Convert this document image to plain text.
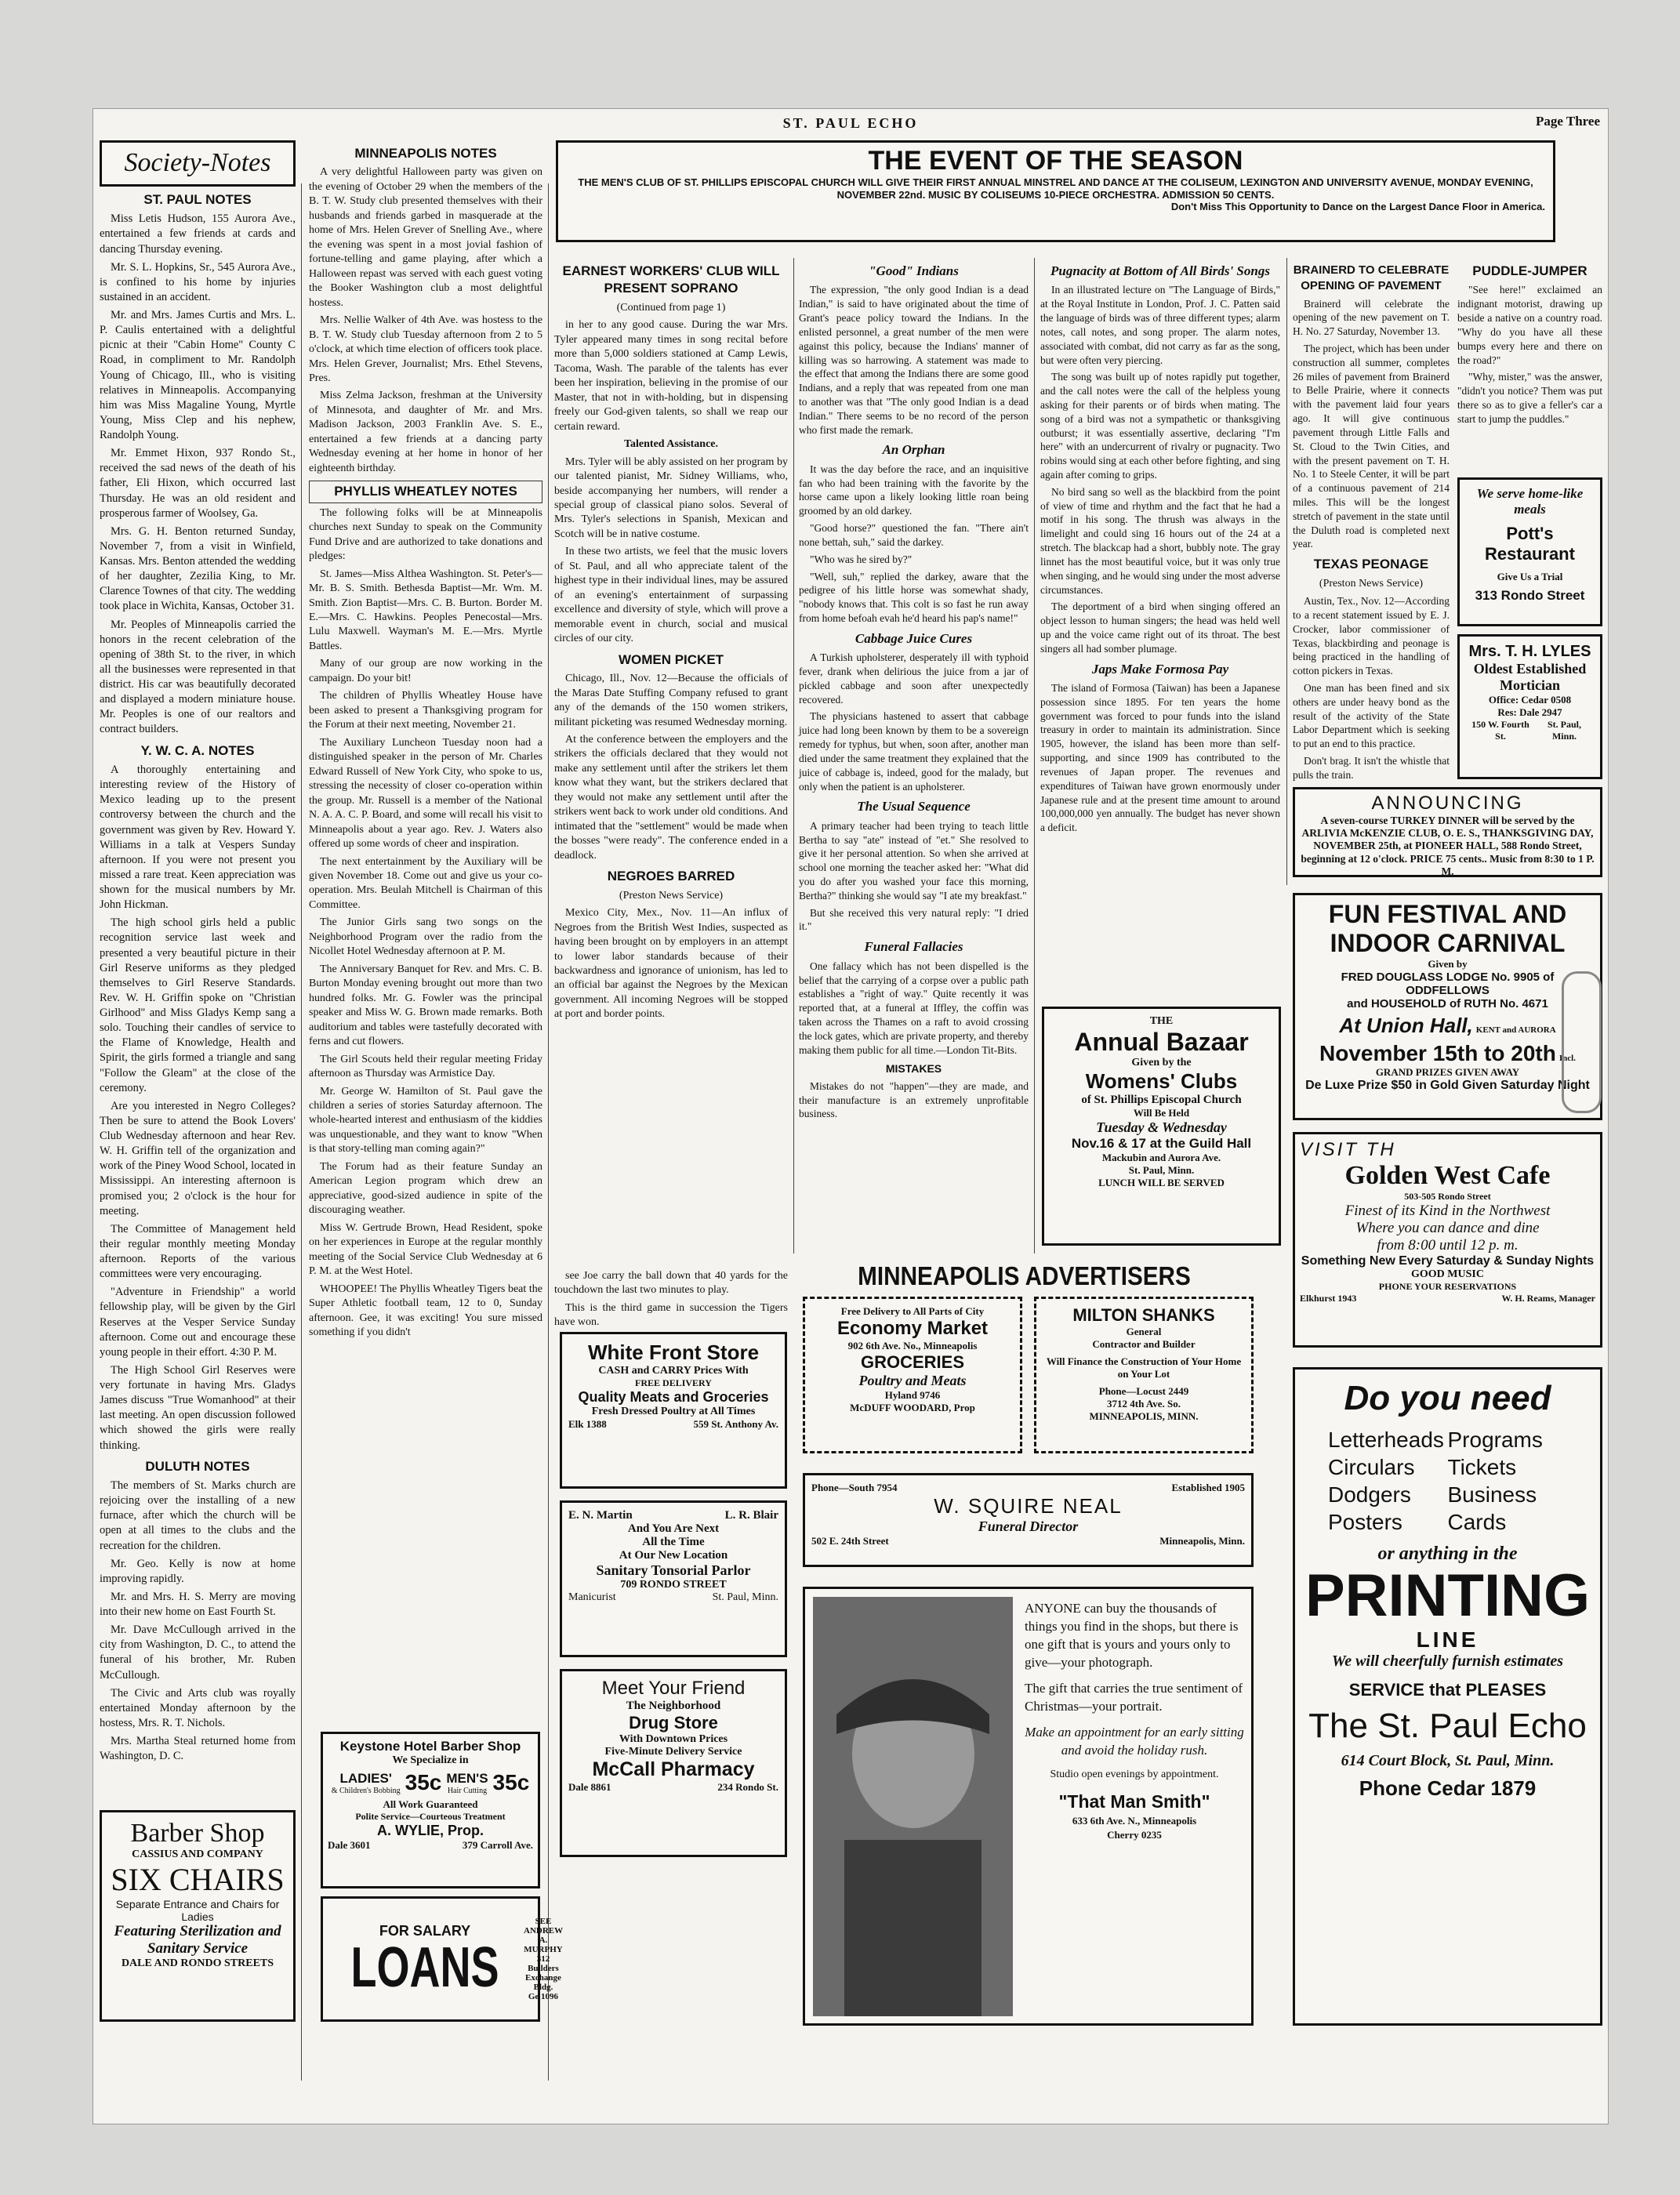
ST. PAUL ECHO	Page Three
THE EVENT OF THE SEASON
THE MEN'S CLUB OF ST. PHILLIPS EPISCOPAL CHURCH WILL GIVE THEIR FIRST ANNUAL MINSTREL AND DANCE AT THE COLISEUM, LEXINGTON AND UNIVERSITY AVENUE, MONDAY EVENING, NOVEMBER 22nd. MUSIC BY COLISEUMS 10-PIECE ORCHESTRA. ADMISSION 50 CENTS.
Don't Miss This Opportunity to Dance on the Largest Dance Floor in America.
Society-Notes
ST. PAUL NOTES

Miss Letis Hudson, 155 Aurora Ave., entertained a few friends at cards and dancing Thursday evening.

Mr. S. L. Hopkins, Sr., 545 Aurora Ave., is confined to his home by injuries sustained in an accident.

Mr. and Mrs. James Curtis and Mrs. L. P. Caulis entertained with a delightful picnic at their "Cabin Home" County C Road, in compliment to Mr. Randolph Young of Chicago, Ill., who is visiting relatives in Minneapolis. Accompanying him was Miss Magaline Young, Myrtle Young, Miss Clep and his nephew, Randolph Young.

Mr. Emmet Hixon, 937 Rondo St., received the sad news of the death of his father, Eli Hixon, which occurred last Thursday. He was an old resident and prosperous farmer of Woolsey, Ga.

Mrs. G. H. Benton returned Sunday, November 7, from a visit in Winfield, Kansas. Mrs. Benton attended the wedding of her daughter, Zezilia King, to Mr. Clarence Townes of that city. The wedding took place in Wichita, Kansas, October 31.

Mr. Peoples of Minneapolis carried the honors in the recent celebration of the opening of 38th St. to the river, in which all the businesses were represented in that district. His car was beautifully decorated and displayed a modern miniature house. Mr. Peoples is one of our realtors and contract builders.

Y. W. C. A. NOTES

A thoroughly entertaining and interesting review of the History of Mexico leading up to the present controversy between the church and the government was given by Rev. Howard Y. Williams in a talk at Vespers Sunday afternoon. If you were not present you missed a rare treat. Keen appreciation was shown for the musical numbers by Mr. John Hickman.

The high school girls held a public recognition service last week and presented a very beautiful picture in their Girl Reserve uniforms as they pledged themselves to Girl Reserve Standards. Rev. W. H. Griffin spoke on "Christian Girlhood" and Miss Gladys Kemp sang a solo. Touching their candles of service to the Flame of Knowledge, Health and Spirit, the girls formed a triangle and sang "Follow the Gleam" at the close of the ceremony.

Are you interested in Negro Colleges? Then be sure to attend the Book Lovers' Club Wednesday afternoon and hear Rev. W. H. Griffin tell of the organization and work of the Piney Wood School, located in Mississippi. An interesting afternoon is promised you; 2 o'clock is the hour for meeting.

The Committee of Management held their regular monthly meeting Monday afternoon. Reports of the various committees were very encouraging.

"Adventure in Friendship" a world fellowship play, will be given by the Girl Reserves at the Vesper Service Sunday afternoon. Come out and encourage these young people in their effort. 4:30 P. M.

The High School Girl Reserves were very fortunate in having Mrs. Gladys James discuss "True Womanhood" at their last meeting. An open discussion followed which showed the girls were really thinking.

DULUTH NOTES

The members of St. Marks church are rejoicing over the installing of a new furnace, after which the church will be open at all times to the clubs and the recreation for the children.

Mr. Geo. Kelly is now at home improving rapidly.

Mr. and Mrs. H. S. Merry are moving into their new home on East Fourth St.

Mr. Dave McCullough arrived in the city from Washington, D. C., to attend the funeral of his brother, Mr. Ruben McCullough.

The Civic and Arts club was royally entertained Monday afternoon by the hostess, Mrs. R. T. Nichols.

Mrs. Martha Steal returned home from Washington, D. C.

Barber Shop
CASSIUS AND COMPANY
SIX CHAIRS
Separate Entrance and Chairs for Ladies
Featuring Sterilization and Sanitary Service
DALE AND RONDO STREETS
MINNEAPOLIS NOTES

A very delightful Halloween party was given on the evening of October 29 when the members of the B. T. W. Study club presented themselves with their husbands and friends garbed in masquerade at the home of Mrs. Helen Grever of Snelling Ave., where the evening was spent in a most jovial fashion of fortune-telling and game playing, after which a Halloween repast was served with each guest voting the Booker Washington club a most delightful hostess.

Mrs. Nellie Walker of 4th Ave. was hostess to the B. T. W. Study club Tuesday afternoon from 2 to 5 o'clock, at which time election of officers took place. Mrs. Helen Grever, Journalist; Mrs. Ethel Stevens, Pres.

Miss Zelma Jackson, freshman at the University of Minnesota, and daughter of Mr. and Mrs. Madison Jackson, 2003 Franklin Ave. S. E., entertained a few friends at a dancing party Wednesday evening at her home in honor of her eighteenth birthday.

PHYLLIS WHEATLEY NOTES

The following folks will be at Minneapolis churches next Sunday to speak on the Community Fund Drive and are authorized to take donations and pledges:

St. James—Miss Althea Washington. St. Peter's—Mr. B. S. Smith. Bethesda Baptist—Mr. Wm. M. Smith. Zion Baptist—Mrs. C. B. Burton. Border M. E.—Mrs. C. Hawkins. Peoples Penecostal—Mrs. Lulu Maxwell. Wayman's M. E.—Mrs. Myrtle Battles.

Many of our group are now working in the campaign. Do your bit!

The children of Phyllis Wheatley House have been asked to present a Thanksgiving program for the Forum at their next meeting, November 21.

The Auxiliary Luncheon Tuesday noon had a distinguished speaker in the person of Mr. Charles Edward Russell of New York City, who spoke to us, stressing the necessity of closer co-operation within the group. Mr. Russell is a member of the National N. A. A. C. P. Board, and some will recall his visit to Minneapolis about a year ago. Rev. J. Waters also offered up some words of cheer and inspiration.

The next entertainment by the Auxiliary will be given November 18. Come out and give us your co-operation. Mrs. Beulah Mitchell is Chairman of this Committee.

The Junior Girls sang two songs on the Neighborhood Program over the radio from the Nicollet Hotel Wednesday afternoon at P. M.

The Anniversary Banquet for Rev. and Mrs. C. B. Burton Monday evening brought out more than two hundred folks. Mr. G. Fowler was the principal speaker and Miss W. G. Brown made remarks. Both auditorium and tables were tastefully decorated with ferns and cut flowers.

The Girl Scouts held their regular meeting Friday afternoon as Thursday was Armistice Day.

Mr. George W. Hamilton of St. Paul gave the children a series of stories Saturday afternoon. The whole-hearted interest and enthusiasm of the kiddies was unquestionable, and they want to know "When is that story-telling man coming again?"

The Forum had as their feature Sunday an American Legion program which drew an appreciative, good-sized audience in spite of the discouraging weather.

Miss W. Gertrude Brown, Head Resident, spoke on her experiences in Europe at the regular monthly meeting of the Social Service Club Wednesday at 6 P. M. at the West Hotel.

WHOOPEE! The Phyllis Wheatley Tigers beat the Super Athletic football team, 12 to 0, Sunday afternoon. Gee, it was exciting! You sure missed something if you didn't

Keystone Hotel Barber Shop
We Specialize in
LADIES'
& Children's Bobbing 35c MEN'S
Hair Cutting 35c
All Work Guaranteed
Polite Service—Courteous Treatment
A. WYLIE, Prop.
Dale 3601	379 Carroll Ave.
FOR SALARY
LOANS
SEE
ANDREW A. MURPHY
312 Builders Exchange Bldg.
Ge 1096
EARNEST WORKERS' CLUB WILL PRESENT SOPRANO
(Continued from page 1)

in her to any good cause. During the war Mrs. Tyler appeared many times in song recital before more than 5,000 soldiers stationed at Camp Lewis, Tacoma, Wash. The parable of the talents has ever been her inspiration, believing in the promise of our Master, that not in with-holding, but in dispensing freely our God-given talents, so shall we reap our certain reward.

Talented Assistance.

Mrs. Tyler will be ably assisted on her program by our talented pianist, Mr. Sidney Williams, who, beside accompanying her numbers, will render a special group of classical piano solos. Several of Mrs. Tyler's selections in Spanish, Mexican and Scotch will be in native costume.

In these two artists, we feel that the music lovers of St. Paul, and all who appreciate talent of the highest type in their individual lines, may be assured of an evening's entertainment of surpassing excellence and diversity of style, which will prove a memorable event in church, social and musical circles of our city.

WOMEN PICKET

Chicago, Ill., Nov. 12—Because the officials of the Maras Date Stuffing Company refused to grant any of the demands of the 150 women strikers, militant picketing was resumed Wednesday morning.

At the conference between the employers and the strikers the officials declared that they would not make any settlement until after the strikers let them know what they want, but the strikers declared that they would not make any settlement until after the strikers went back to work under old conditions. And intimated that the "settlement" would be made when the bosses "were ready". The conference ended in a deadlock.

NEGROES BARRED
(Preston News Service)

Mexico City, Mex., Nov. 11—An influx of Negroes from the British West Indies, suspected as having been brought on by employers in an attempt to lower labor standards because of their backwardness and ignorance of unionism, has led to an official bar against the Negroes by the Mexican government. All incoming Negroes will be stopped at port and border points.

see Joe carry the ball down that 40 yards for the touchdown the last two minutes to play.

This is the third game in succession the Tigers have won.

White Front Store
CASH and CARRY Prices With
FREE DELIVERY
Quality Meats and Groceries
Fresh Dressed Poultry at All Times
Elk 1388	559 St. Anthony Av.
E. N. Martin	L. R. Blair
And You Are Next
All the Time
At Our New Location
Sanitary Tonsorial Parlor
709 RONDO STREET
Manicurist	St. Paul, Minn.
Meet Your Friend
The Neighborhood
Drug Store
With Downtown Prices
Five-Minute Delivery Service
McCall Pharmacy
Dale 8861	234 Rondo St.
"Good" Indians

The expression, "the only good Indian is a dead Indian," is said to have originated about the time of Grant's peace policy toward the Indians. In the enlisted personnel, a great number of the men were against this policy, because the Indians' manner of killing was so harrowing. A statement was made to the effect that among the Indians there are some good Indians, and a reply that was repeated from one man to another was that "The only good Indian is a dead Indian." There seems to be no record of the person who first made the remark.

An Orphan

It was the day before the race, and an inquisitive fan who had been training with the favorite by the horse came upon a likely looking little roan being groomed by an old darkey.

"Good horse?" questioned the fan. "There ain't none bettah, suh," said the darkey.

"Who was he sired by?"

"Well, suh," replied the darkey, aware that the pedigree of his little horse was somewhat shady, "nobody knows that. This colt is so fast he run away from home befoah evah he'd heard his pap's name!"

Cabbage Juice Cures

A Turkish upholsterer, desperately ill with typhoid fever, drank when delirious the juice from a jar of pickled cabbage and soon after unexpectedly recovered.

The physicians hastened to assert that cabbage juice had long been known by them to be a sovereign remedy for typhus, but when, soon after, another man died under the same treatment they explained that the juice of cabbage is, indeed, good for the malady, but only when the patient is an upholsterer.

The Usual Sequence

A primary teacher had been trying to teach little Bertha to say "ate" instead of "et." She resolved to give it her personal attention. So when she arrived at school one morning the teacher asked her: "What did you do after you washed your face this morning, Bertha?" thinking she would say "I ate my breakfast."

But she received this very natural reply: "I dried it."

Funeral Fallacies

One fallacy which has not been dispelled is the belief that the carrying of a corpse over a public path establishes a "right of way." Quite recently it was reported that, at a funeral at Iffley, the coffin was taken across the Thames on a raft to avoid crossing the lock gates, which are private property, and thereby making them public for all time.—London Tit-Bits.

MISTAKES

Mistakes do not "happen"—they are made, and their manufacture is an extremely unprofitable business.

Pugnacity at Bottom of All Birds' Songs

In an illustrated lecture on "The Language of Birds," at the Royal Institute in London, Prof. J. C. Patten said the language of birds was of three different types; alarm notes, call notes, and song proper. The alarm notes, associated with combat, did not carry as far as the song, but were often very piercing.

The song was built up of notes rapidly put together, and the call notes were the call of the helpless young asking for their parents or of birds when mating. The song of a bird was not a sympathetic or thanksgiving outburst; it was essentially assertive, declaring "I'm here" with an undercurrent of rivalry or pugnacity. Two robins would sing at each other before fighting, and sing again after coming to grips.

No bird sang so well as the blackbird from the point of view of time and rhythm and the fact that he had a motif in his song. The thrush was always in the limelight and could sing 16 hours out of the 24 at a stretch. The blackcap had a short, bubbly note. The gray linnet has the most beautiful voice, but it was only true when singing, and he would sing under the most adverse circumstances.

The deportment of a bird when singing offered an object lesson to human singers; the head was held well up and the voice came right out of its throat. The best singers all had somber plumage.

Japs Make Formosa Pay

The island of Formosa (Taiwan) has been a Japanese possession since 1895. For ten years the home government was forced to pour funds into the island treasury in order to maintain its administration. Since 1905, however, the island has been more than self-supporting, and since 1909 has contributed to the revenues of Japan proper. The revenues and expenditures of Taiwan have grown enormously under Japanese rule and at the present time amount to around 100,000,000 yen annually. The budget has never shown a deficit.

THE
Annual Bazaar
Given by the
Womens' Clubs
of St. Phillips Episcopal Church
Will Be Held
Tuesday & Wednesday
Nov.16 & 17 at the Guild Hall
Mackubin and Aurora Ave.
St. Paul, Minn.
LUNCH WILL BE SERVED
MINNEAPOLIS ADVERTISERS
Free Delivery to All Parts of City
Economy Market
902 6th Ave. No., Minneapolis
GROCERIES
Poultry and Meats
Hyland 9746
McDUFF WOODARD, Prop
MILTON SHANKS
General
Contractor and Builder
Will Finance the Construction of Your Home on Your Lot
Phone—Locust 2449
3712 4th Ave. So.
MINNEAPOLIS, MINN.
Phone—South 7954	Established 1905
W. SQUIRE NEAL
Funeral Director
502 E. 24th Street	Minneapolis, Minn.

ANYONE can buy the thousands of things you find in the shops, but there is one gift that is yours and yours only to give—your photograph.

The gift that carries the true sentiment of Christmas—your portrait.

Make an appointment for an early sitting and avoid the holiday rush.

Studio open evenings by appointment.

"That Man Smith"
633 6th Ave. N., Minneapolis
Cherry 0235
BRAINERD TO CELEBRATE OPENING OF PAVEMENT

Brainerd will celebrate the opening of the new pavement on T. H. No. 27 Saturday, November 13.

The project, which has been under construction all summer, completes 26 miles of pavement from Brainerd to Belle Prairie, where it connects with the pavement laid four years ago. It will give continuous pavement through Little Falls and St. Cloud to the Twin Cities, and with the present pavement on T. H. No. 1 to Steele Center, it will be part of a continuous pavement of 214 miles. This will be the longest stretch of pavement in the state until the Duluth road is completed next year.

TEXAS PEONAGE
(Preston News Service)

Austin, Tex., Nov. 12—According to a recent statement issued by E. J. Crocker, labor commissioner of Texas, blackbirding and peonage is being practiced in the handling of cotton pickers in Texas.

One man has been fined and six others are under heavy bond as the result of the activity of the State Labor Department which is seeking to put an end to this practice.

Don't brag. It isn't the whistle that pulls the train.

PUDDLE-JUMPER

"See here!" exclaimed an indignant motorist, drawing up beside a native on a country road. "Why do you have all these bumps every here and there on the road?"

"Why, mister," was the answer, "didn't you notice? Them was put there so as to give a feller's car a start to jump the puddles."

We serve home-like meals
Pott's Restaurant
Give Us a Trial
313 Rondo Street
Mrs. T. H. LYLES
Oldest Established
Mortician
Office: Cedar 0508
Res: Dale 2947
150 W. Fourth St.
St. Paul, Minn.
ANNOUNCING
A seven-course TURKEY DINNER will be served by the ARLIVIA McKENZIE CLUB, O. E. S., THANKSGIVING DAY, NOVEMBER 25th, at PIONEER HALL, 588 Rondo Street, beginning at 12 o'clock. PRICE 75 cents.. Music from 8:30 to 1 P. M.
FUN FESTIVAL AND
INDOOR CARNIVAL
Given by
FRED DOUGLASS LODGE No. 9905 of ODDFELLOWS
and HOUSEHOLD of RUTH No. 4671
At Union Hall, KENT and AURORA
November 15th to 20th Incl.
GRAND PRIZES GIVEN AWAY
De Luxe Prize $50 in Gold Given Saturday Night
VISIT TH
Golden West Cafe
503-505 Rondo Street
Finest of its Kind in the Northwest
Where you can dance and dine
from 8:00 until 12 p. m.
Something New Every Saturday & Sunday Nights
GOOD MUSIC
PHONE YOUR RESERVATIONS
Elkhurst 1943	W. H. Reams, Manager
Do you need
Letterheads Programs
Circulars	Tickets
Dodgers	Business
Posters	Cards
or anything in the
PRINTING
LINE
We will cheerfully furnish estimates
SERVICE that PLEASES
The St. Paul Echo
614 Court Block, St. Paul, Minn.
Phone Cedar 1879
